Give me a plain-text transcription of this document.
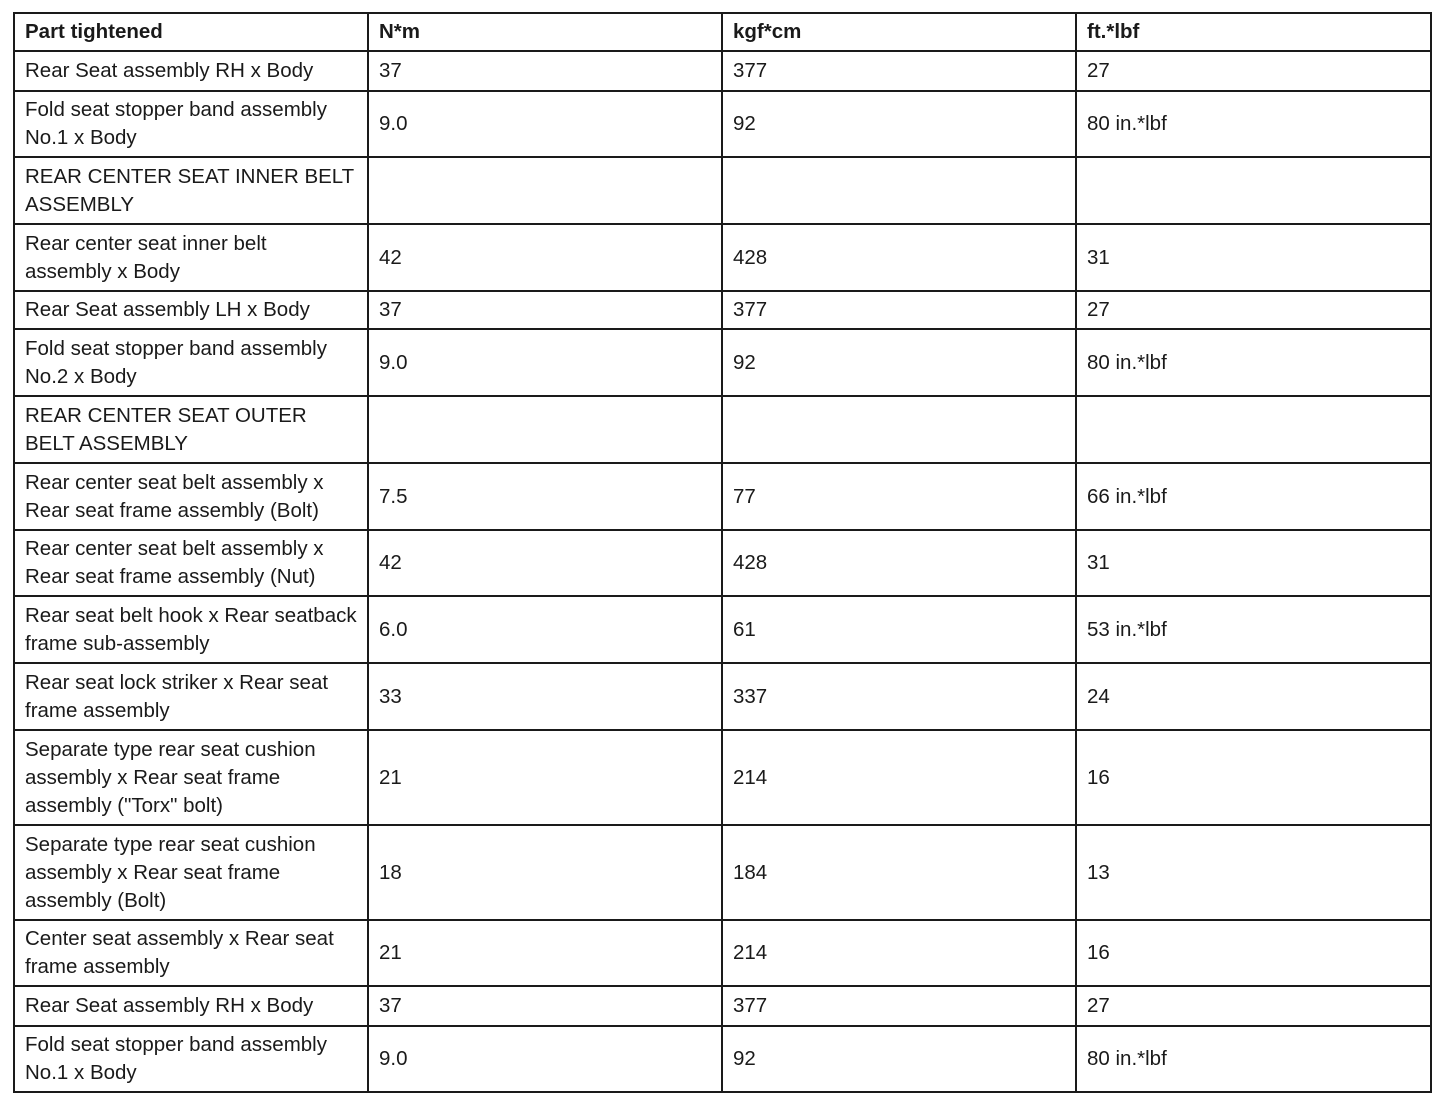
Part tightened	N*m	kgf*cm	ft.*lbf
Rear Seat assembly RH x Body	37	377	27
Fold seat stopper band assembly No.1 x Body	9.0	92	80 in.*lbf
REAR CENTER SEAT INNER BELT ASSEMBLY			
Rear center seat inner belt assembly x Body	42	428	31
Rear Seat assembly LH x Body	37	377	27
Fold seat stopper band assembly No.2 x Body	9.0	92	80 in.*lbf
REAR CENTER SEAT OUTER BELT ASSEMBLY			
Rear center seat belt assembly x Rear seat frame assembly (Bolt)	7.5	77	66 in.*lbf
Rear center seat belt assembly x Rear seat frame assembly (Nut)	42	428	31
Rear seat belt hook x Rear seatback frame sub-assembly	6.0	61	53 in.*lbf
Rear seat lock striker x Rear seat frame assembly	33	337	24
Separate type rear seat cushion assembly x Rear seat frame assembly ("Torx" bolt)	21	214	16
Separate type rear seat cushion assembly x Rear seat frame assembly (Bolt)	18	184	13
Center seat assembly x Rear seat frame assembly	21	214	16
Rear Seat assembly RH x Body	37	377	27
Fold seat stopper band assembly No.1 x Body	9.0	92	80 in.*lbf
